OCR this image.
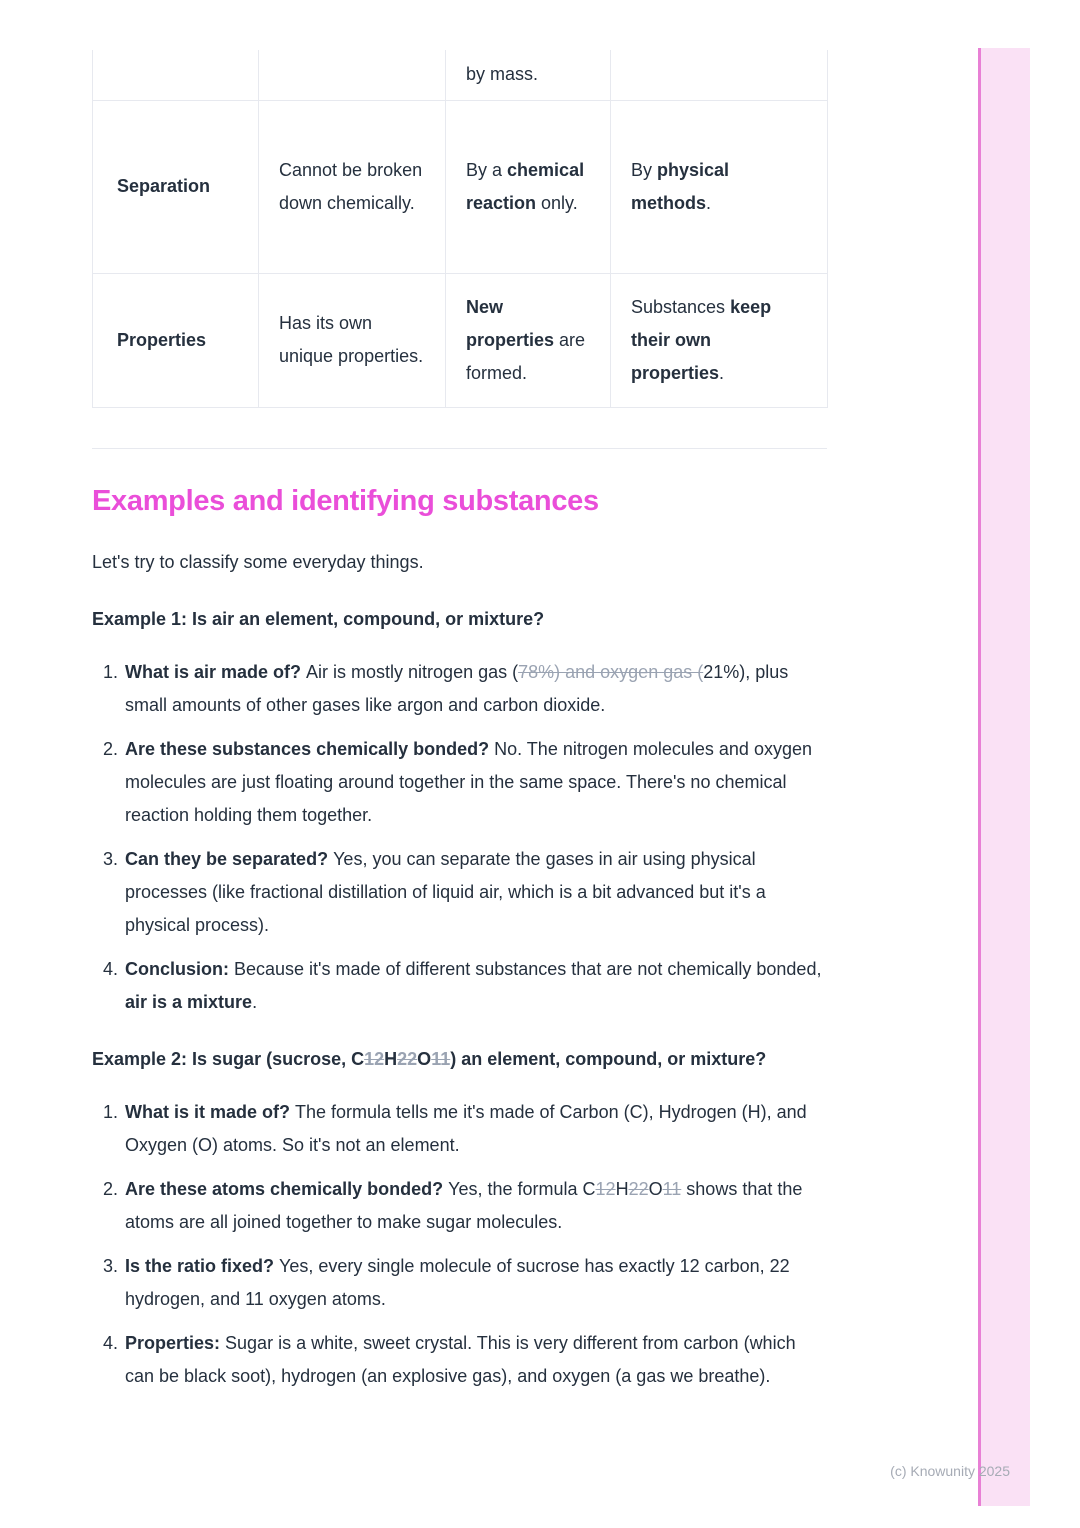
		by mass.	
Separation	Cannot be broken down chemically.	By a chemical reaction only.	By physical methods.
Properties	Has its own unique properties.	New properties are formed.	Substances keep their own properties.
Examples and identifying substances

Let's try to classify some everyday things.

Example 1: Is air an element, compound, or mixture?

1. What is air made of? Air is mostly nitrogen gas (78%) and oxygen gas (21%), plus small amounts of other gases like argon and carbon dioxide.
2. Are these substances chemically bonded? No. The nitrogen molecules and oxygen molecules are just floating around together in the same space. There's no chemical reaction holding them together.
3. Can they be separated? Yes, you can separate the gases in air using physical processes (like fractional distillation of liquid air, which is a bit advanced but it's a physical process).
4. Conclusion: Because it's made of different substances that are not chemically bonded, air is a mixture.

Example 2: Is sugar (sucrose, C12H22O11) an element, compound, or mixture?

1. What is it made of? The formula tells me it's made of Carbon (C), Hydrogen (H), and Oxygen (O) atoms. So it's not an element.
2. Are these atoms chemically bonded? Yes, the formula C12H22O11 shows that the atoms are all joined together to make sugar molecules.
3. Is the ratio fixed? Yes, every single molecule of sucrose has exactly 12 carbon, 22 hydrogen, and 11 oxygen atoms.
4. Properties: Sugar is a white, sweet crystal. This is very different from carbon (which can be black soot), hydrogen (an explosive gas), and oxygen (a gas we breathe).
(c) Knowunity 2025
